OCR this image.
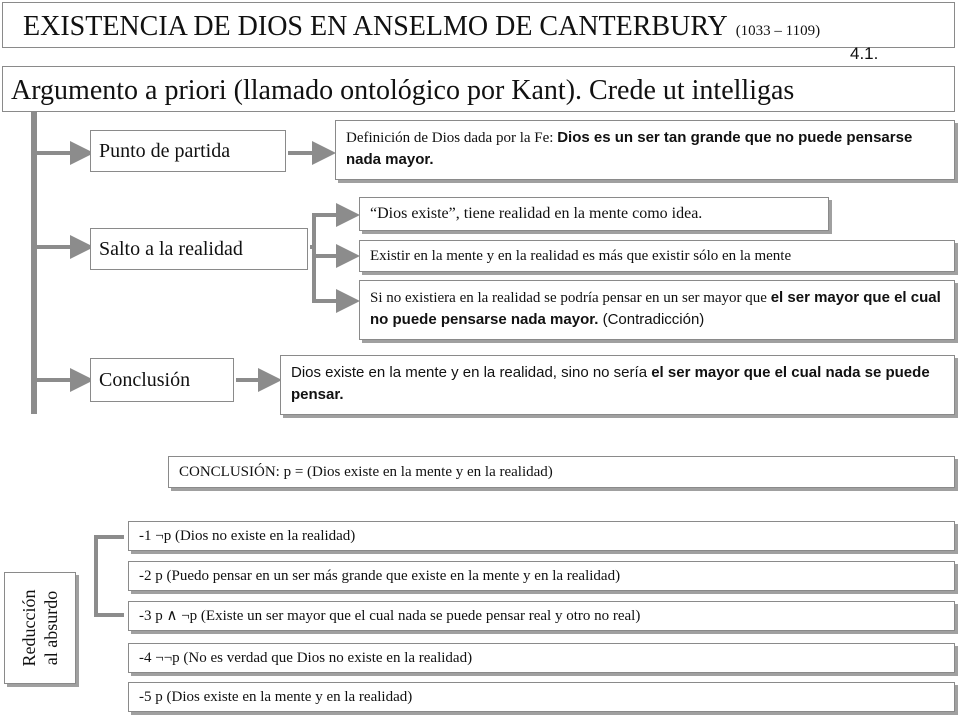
EXISTENCIA DE DIOS EN ANSELMO DE CANTERBURY (1033 – 1109)
4.1.
Argumento a priori (llamado ontológico por Kant). Crede ut intelligas
Punto de partida
Definición de Dios dada por la Fe: Dios es un ser tan grande que no puede pensarse nada mayor.
Salto a la realidad
“Dios existe”, tiene realidad en la mente como idea.
Existir en la mente y en la realidad es más que existir sólo en la mente
Si no existiera en la realidad se podría pensar en un ser mayor que el ser mayor que el cual no puede pensarse nada mayor. (Contradicción)
Conclusión	Dios existe en la mente y en la realidad, sino no sería el ser mayor que el cual nada se puede pensar.
CONCLUSIÓN: p = (Dios existe en la mente y en la realidad)
Reducción al absurdo
-1 ¬p (Dios no existe en la realidad)
-2 p (Puedo pensar en un ser más grande que existe en la mente y en la realidad)
-3 p ∧ ¬p (Existe un ser mayor que el cual nada se puede pensar real y otro no real)
-4 ¬¬p (No es verdad que Dios no existe en la realidad)
-5 p (Dios existe en la mente y en la realidad)
